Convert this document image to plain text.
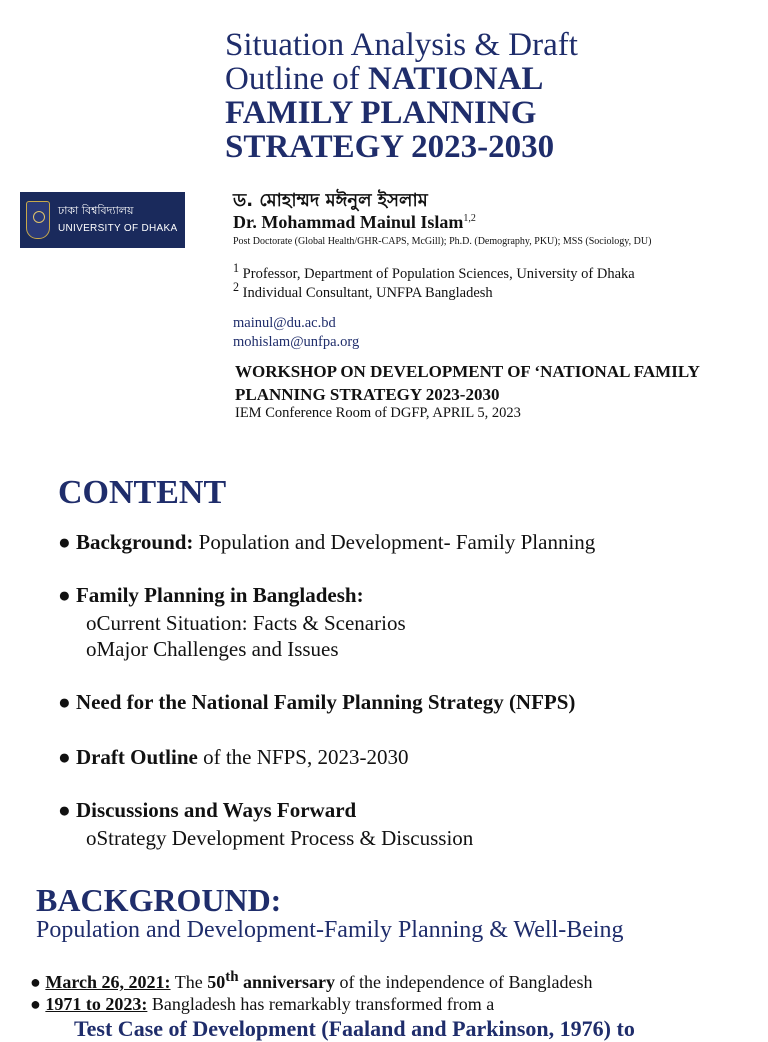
Situation Analysis & Draft
Outline of NATIONAL
FAMILY PLANNING
STRATEGY 2023-2030
ঢাকা বিশ্ববিদ্যালয়
UNIVERSITY OF DHAKA
ড. মোহাম্মদ মঈনুল ইসলাম
Dr. Mohammad Mainul Islam$^{1,2}$
Post Doctorate (Global Health/GHR-CAPS, McGill); Ph.D. (Demography, PKU); MSS (Sociology, DU)
$^1$ Professor, Department of Population Sciences, University of Dhaka
$^2$ Individual Consultant, UNFPA Bangladesh
mainul@du.ac.bd
mohislam@unfpa.org
WORKSHOP ON DEVELOPMENT OF ‘NATIONAL FAMILY PLANNING STRATEGY 2023-2030
IEM Conference Room of DGFP, APRIL 5, 2023
CONTENT
● Background: Population and Development- Family Planning
● Family Planning in Bangladesh:
oCurrent Situation: Facts & Scenarios
oMajor Challenges and Issues
● Need for the National Family Planning Strategy (NFPS)
● Draft Outline of the NFPS, 2023-2030
● Discussions and Ways Forward
oStrategy Development Process & Discussion
BACKGROUND:
Population and Development-Family Planning & Well-Being
● March 26, 2021: The 50th anniversary of the independence of Bangladesh
● 1971 to 2023: Bangladesh has remarkably transformed from a
Test Case of Development (Faaland and Parkinson, 1976) to
